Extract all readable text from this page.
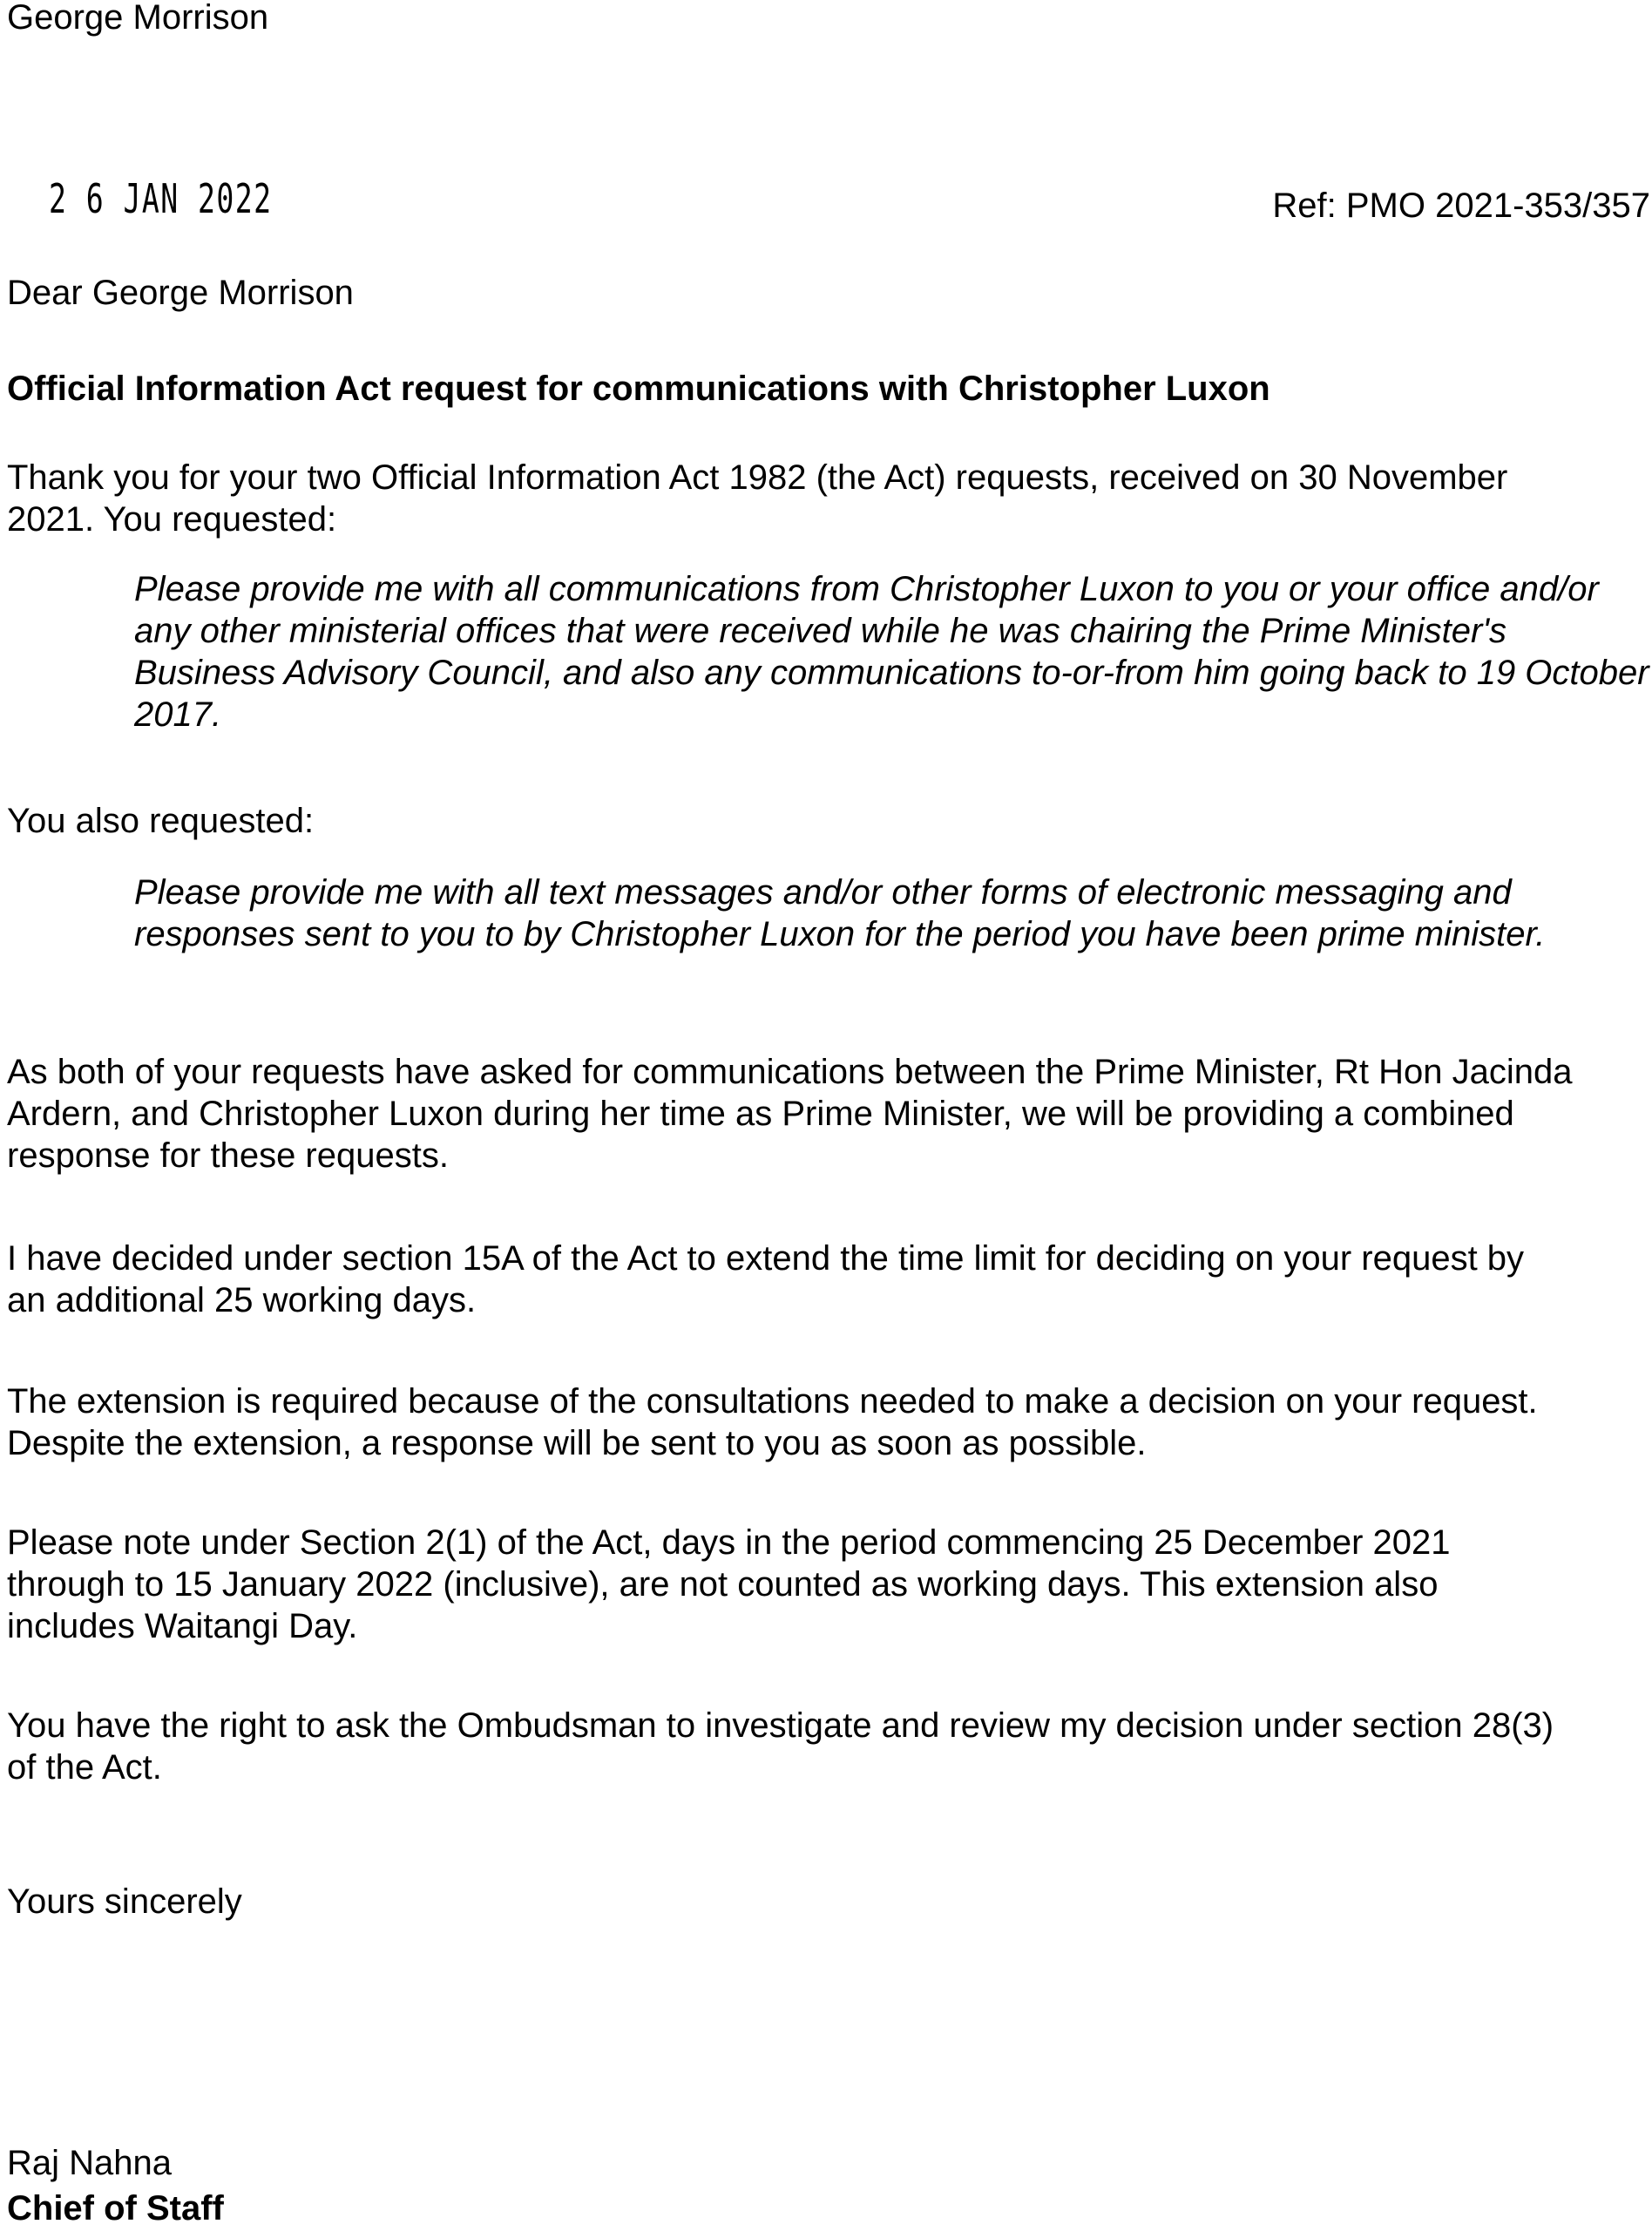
George Morrison

2 6 JAN 2022	Ref: PMO 2021-353/357

Dear George Morrison

Official Information Act request for communications with Christopher Luxon

Thank you for your two Official Information Act 1982 (the Act) requests, received on 30 November 2021. You requested:

Please provide me with all communications from Christopher Luxon to you or your office and/or any other ministerial offices that were received while he was chairing the Prime Minister's Business Advisory Council, and also any communications to-or-from him going back to 19 October 2017.

You also requested:

Please provide me with all text messages and/or other forms of electronic messaging and responses sent to you to by Christopher Luxon for the period you have been prime minister.

As both of your requests have asked for communications between the Prime Minister, Rt Hon Jacinda Ardern, and Christopher Luxon during her time as Prime Minister, we will be providing a combined response for these requests.

I have decided under section 15A of the Act to extend the time limit for deciding on your request by an additional 25 working days.

The extension is required because of the consultations needed to make a decision on your request. Despite the extension, a response will be sent to you as soon as possible.

Please note under Section 2(1) of the Act, days in the period commencing 25 December 2021 through to 15 January 2022 (inclusive), are not counted as working days. This extension also includes Waitangi Day.

You have the right to ask the Ombudsman to investigate and review my decision under section 28(3) of the Act.

Yours sincerely

Raj Nahna

Chief of Staff
